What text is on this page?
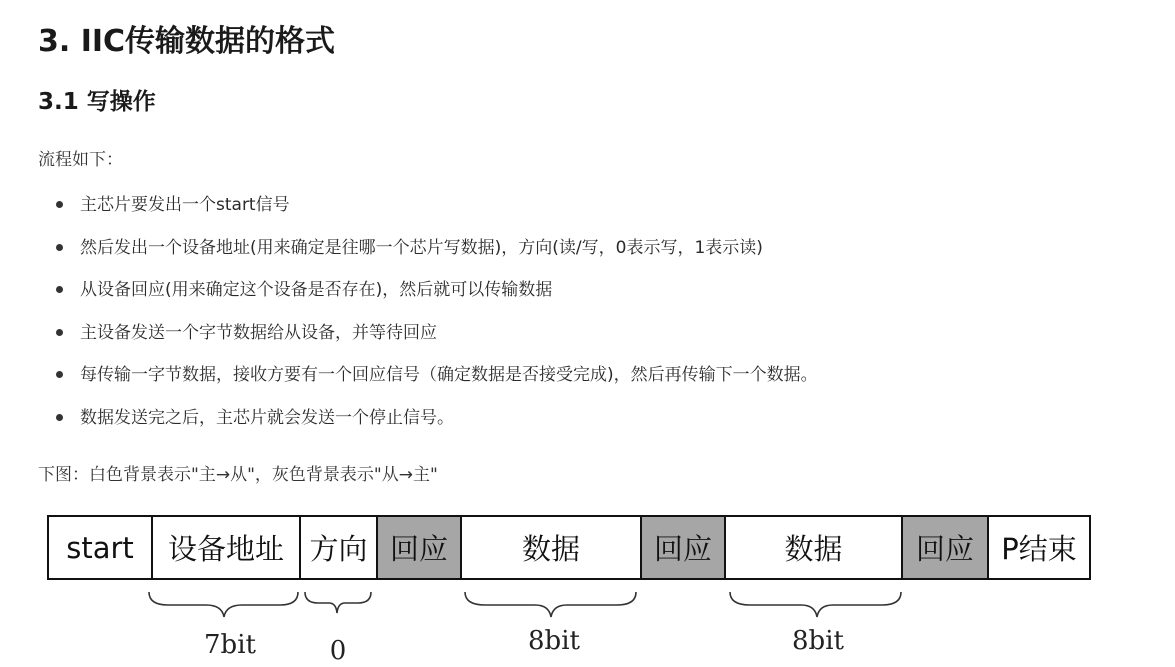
3. IIC传输数据的格式
3.1 写操作

流程如下：

主芯片要发出一个start信号
然后发出一个设备地址(用来确定是往哪一个芯片写数据)，方向(读/写，0表示写，1表示读)
从设备回应(用来确定这个设备是否存在)，然后就可以传输数据
主设备发送一个字节数据给从设备，并等待回应
每传输一字节数据，接收方要有一个回应信号（确定数据是否接受完成)，然后再传输下一个数据。
数据发送完之后，主芯片就会发送一个停止信号。

下图：白色背景表示"主→从"，灰色背景表示"从→主"

start	设备地址 方向 回应	数据	回应	数据	回应 P结束
7bit	0	8bit	8bit
